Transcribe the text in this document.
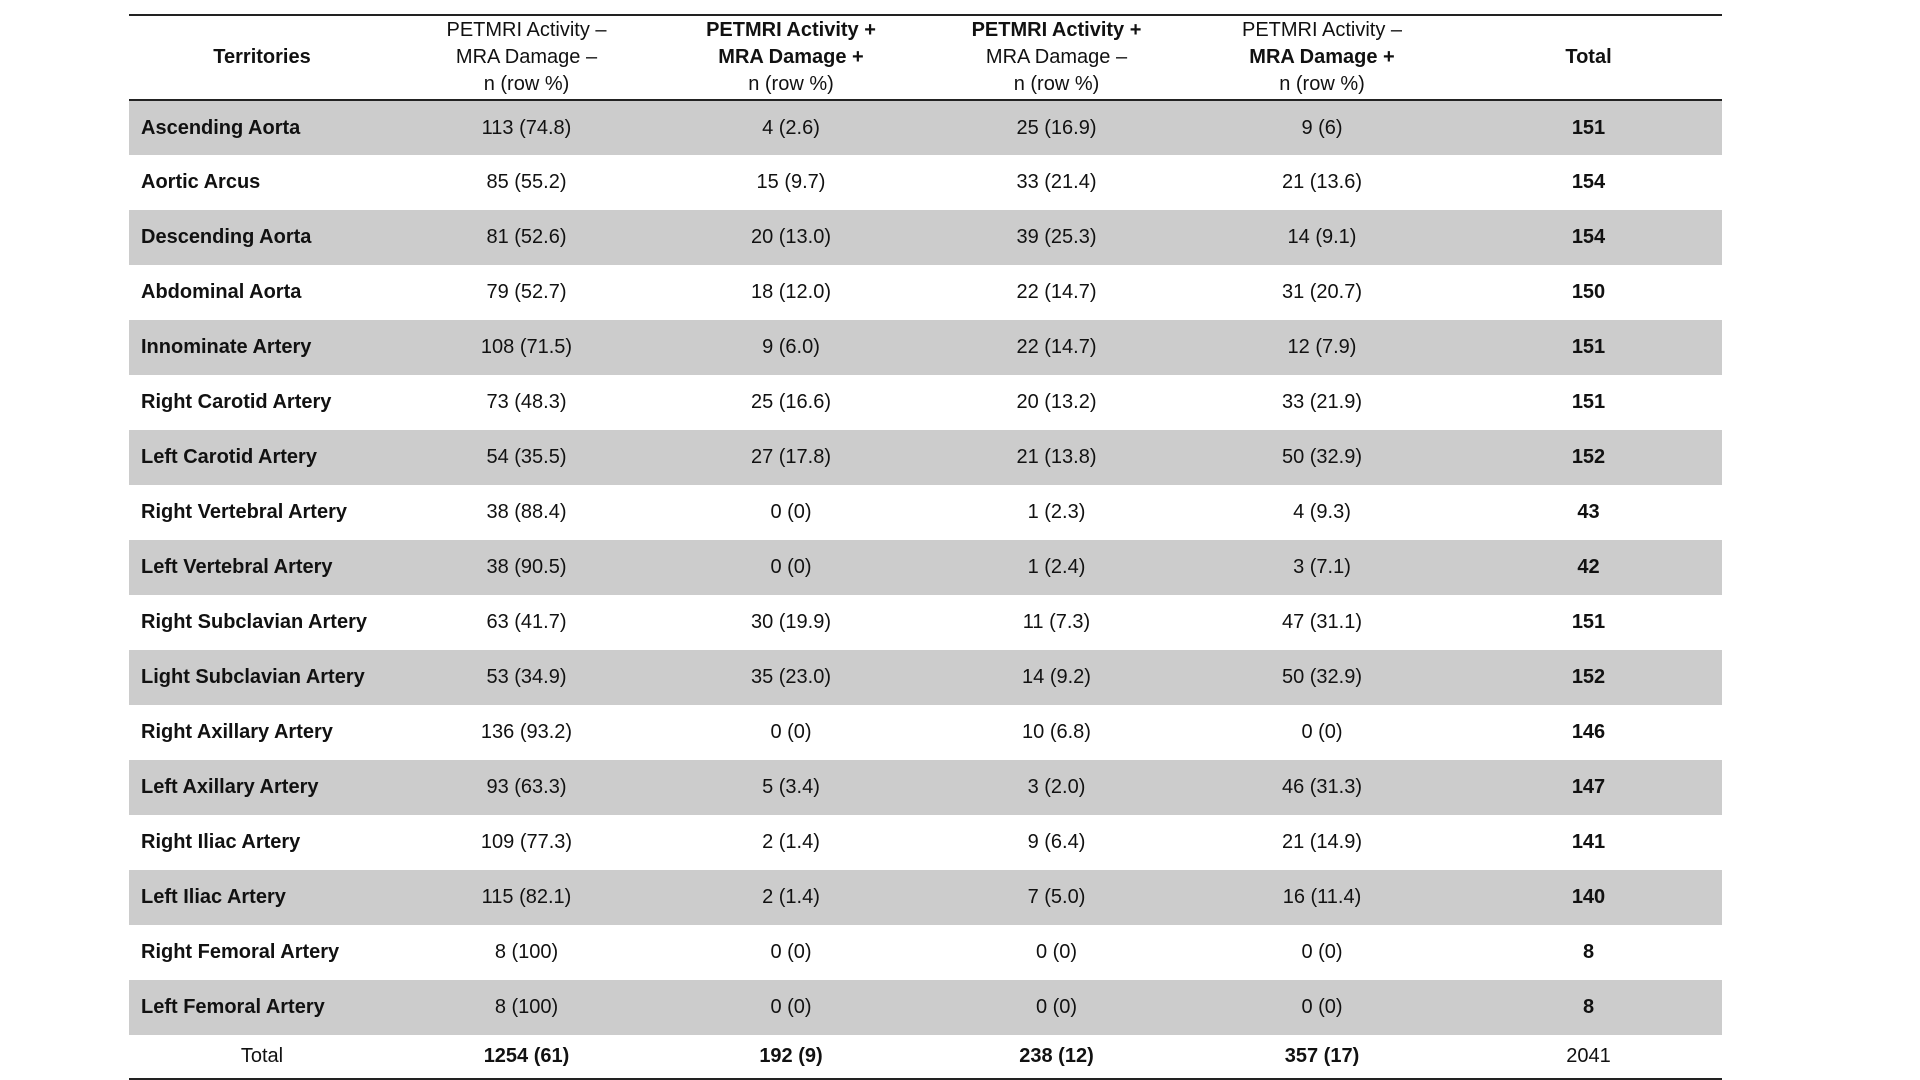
Territories	PETMRI Activity –
MRA Damage –
n (row %)	PETMRI Activity +
MRA Damage +
n (row %)	PETMRI Activity +
MRA Damage –
n (row %)	PETMRI Activity –
MRA Damage +
n (row %)	Total

Ascending Aorta	113 (74.8)	4 (2.6)	25 (16.9)	9 (6)	151
Aortic Arcus	85 (55.2)	15 (9.7)	33 (21.4)	21 (13.6)	154
Descending Aorta	81 (52.6)	20 (13.0)	39 (25.3)	14 (9.1)	154
Abdominal Aorta	79 (52.7)	18 (12.0)	22 (14.7)	31 (20.7)	150
Innominate Artery	108 (71.5)	9 (6.0)	22 (14.7)	12 (7.9)	151
Right Carotid Artery	73 (48.3)	25 (16.6)	20 (13.2)	33 (21.9)	151
Left Carotid Artery	54 (35.5)	27 (17.8)	21 (13.8)	50 (32.9)	152
Right Vertebral Artery	38 (88.4)	0 (0)	1 (2.3)	4 (9.3)	43
Left Vertebral Artery	38 (90.5)	0 (0)	1 (2.4)	3 (7.1)	42
Right Subclavian Artery	63 (41.7)	30 (19.9)	11 (7.3)	47 (31.1)	151
Light Subclavian Artery	53 (34.9)	35 (23.0)	14 (9.2)	50 (32.9)	152
Right Axillary Artery	136 (93.2)	0 (0)	10 (6.8)	0 (0)	146
Left Axillary Artery	93 (63.3)	5 (3.4)	3 (2.0)	46 (31.3)	147
Right Iliac Artery	109 (77.3)	2 (1.4)	9 (6.4)	21 (14.9)	141
Left Iliac Artery	115 (82.1)	2 (1.4)	7 (5.0)	16 (11.4)	140
Right Femoral Artery	8 (100)	0 (0)	0 (0)	0 (0)	8
Left Femoral Artery	8 (100)	0 (0)	0 (0)	0 (0)	8
Total	1254 (61)	192 (9)	238 (12)	357 (17)	2041
